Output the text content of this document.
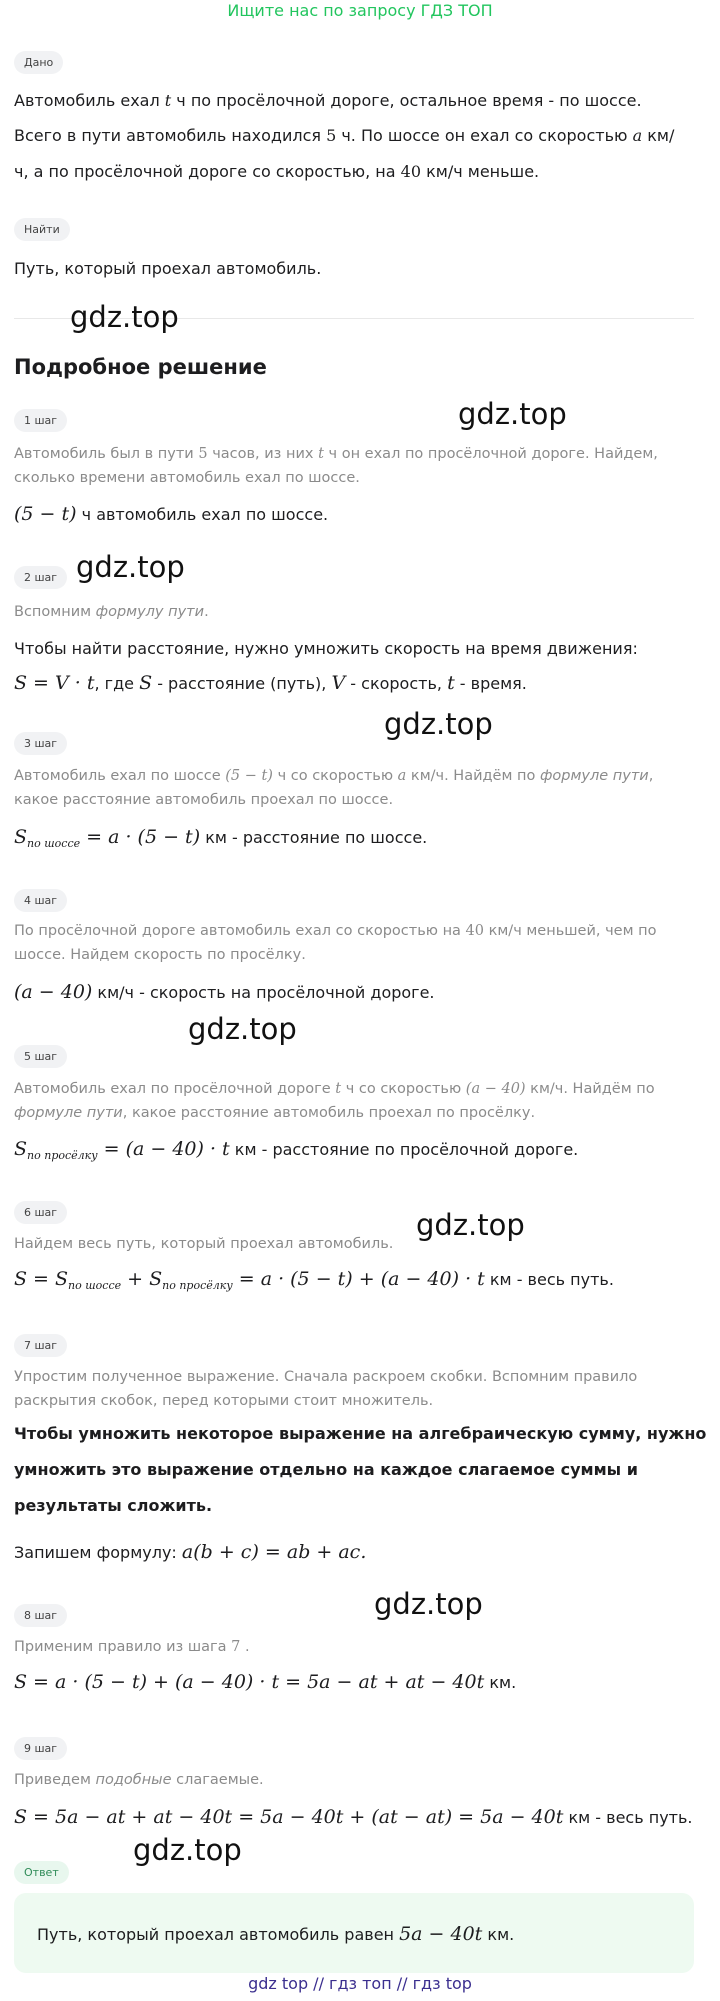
Ищите нас по запросу ГДЗ ТОП
Дано
Автомобиль ехал t ч по просёлочной дороге, остальное время - по шоссе.
Всего в пути автомобиль находился 5 ч. По шоссе он ехал со скоростью a км/
ч, а по просёлочной дороге со скоростью, на 40 км/ч меньше.
Найти
Путь, который проехал автомобиль.
gdz.top
Подробное решение
1 шаг	gdz.top
Автомобиль был в пути 5 часов, из них t ч он ехал по просёлочной дороге. Найдем,
сколько времени автомобиль ехал по шоссе.
(5 − t) ч автомобиль ехал по шоссе.
2 шаг gdz.top
Вспомним формулу пути.
Чтобы найти расстояние, нужно умножить скорость на время движения:
S = V · t, где S - расстояние (путь), V - скорость, t - время.
3 шаг
gdz.top
Автомобиль ехал по шоссе (5 − t) ч со скоростью a км/ч. Найдём по формуле пути,
какое расстояние автомобиль проехал по шоссе.
$S_{по шоссе} = a \cdot (5 - t)$ км - расстояние по шоссе.
4 шаг
По просёлочной дороге автомобиль ехал со скоростью на 40 км/ч меньшей, чем по
шоссе. Найдем скорость по просёлку.
(a − 40) км/ч - скорость на просёлочной дороге.
gdz.top
5 шаг
Автомобиль ехал по просёлочной дороге t ч со скоростью (a − 40) км/ч. Найдём по
формуле пути, какое расстояние автомобиль проехал по просёлку.
$S_{по просёлку} = (a - 40) \cdot t$ км - расстояние по просёлочной дороге.
6 шаг	gdz.top
Найдем весь путь, который проехал автомобиль.
$S = S_{по шоссе} + S_{по просёлку} = a \cdot (5 - t) + (a - 40) \cdot t$ км - весь путь.
7 шаг
Упростим полученное выражение. Сначала раскроем скобки. Вспомним правило
раскрытия скобок, перед которыми стоит множитель.
Чтобы умножить некоторое выражение на алгебраическую сумму, нужно
умножить это выражение отдельно на каждое слагаемое суммы и
результаты сложить.
Запишем формулу: a(b + c) = ab + ac.
8 шаг	gdz.top
Применим правило из шага 7 .
S = a · (5 − t) + (a − 40) · t = 5a − at + at − 40t км.
9 шаг
Приведем подобные слагаемые.
S = 5a − at + at − 40t = 5a − 40t + (at − at) = 5a − 40t км - весь путь.
gdz.top
Ответ
Путь, который проехал автомобиль равен 5a − 40t км.
gdz top // гдз топ // гдз top
